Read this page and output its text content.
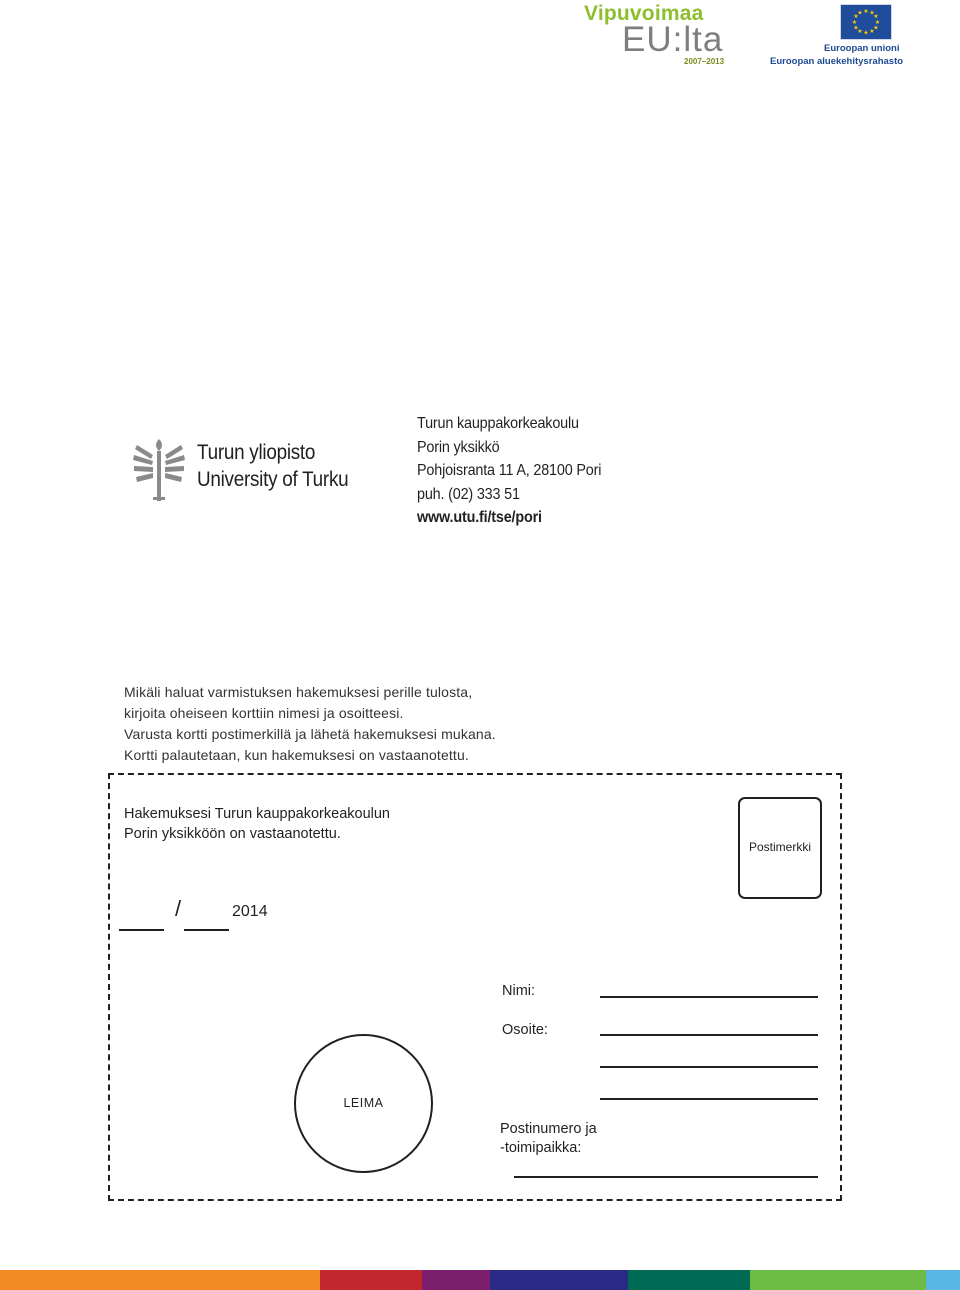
Vipuvoimaa
EU:lta
2007–2013
★ ★
★
★
★
★
★
★
★
★
★
★
Euroopan unioni
Euroopan aluekehitysrahasto
Turun yliopisto
University of Turku
Turun kauppakorkeakoulu
Porin yksikkö
Pohjoisranta 11 A, 28100 Pori
puh. (02) 333 51
www.utu.fi/tse/pori
Mikäli haluat varmistuksen hakemuksesi perille tulosta,
kirjoita oheiseen korttiin nimesi ja osoitteesi.
Varusta kortti postimerkillä ja lähetä hakemuksesi mukana.
Kortti palautetaan, kun hakemuksesi on vastaanotettu.
Hakemuksesi Turun kauppakorkeakoulun
Porin yksikköön on vastaanotettu.
Postimerkki
/	2014
Nimi:
Osoite:
Postinumero ja
-toimipaikka:
LEIMA
